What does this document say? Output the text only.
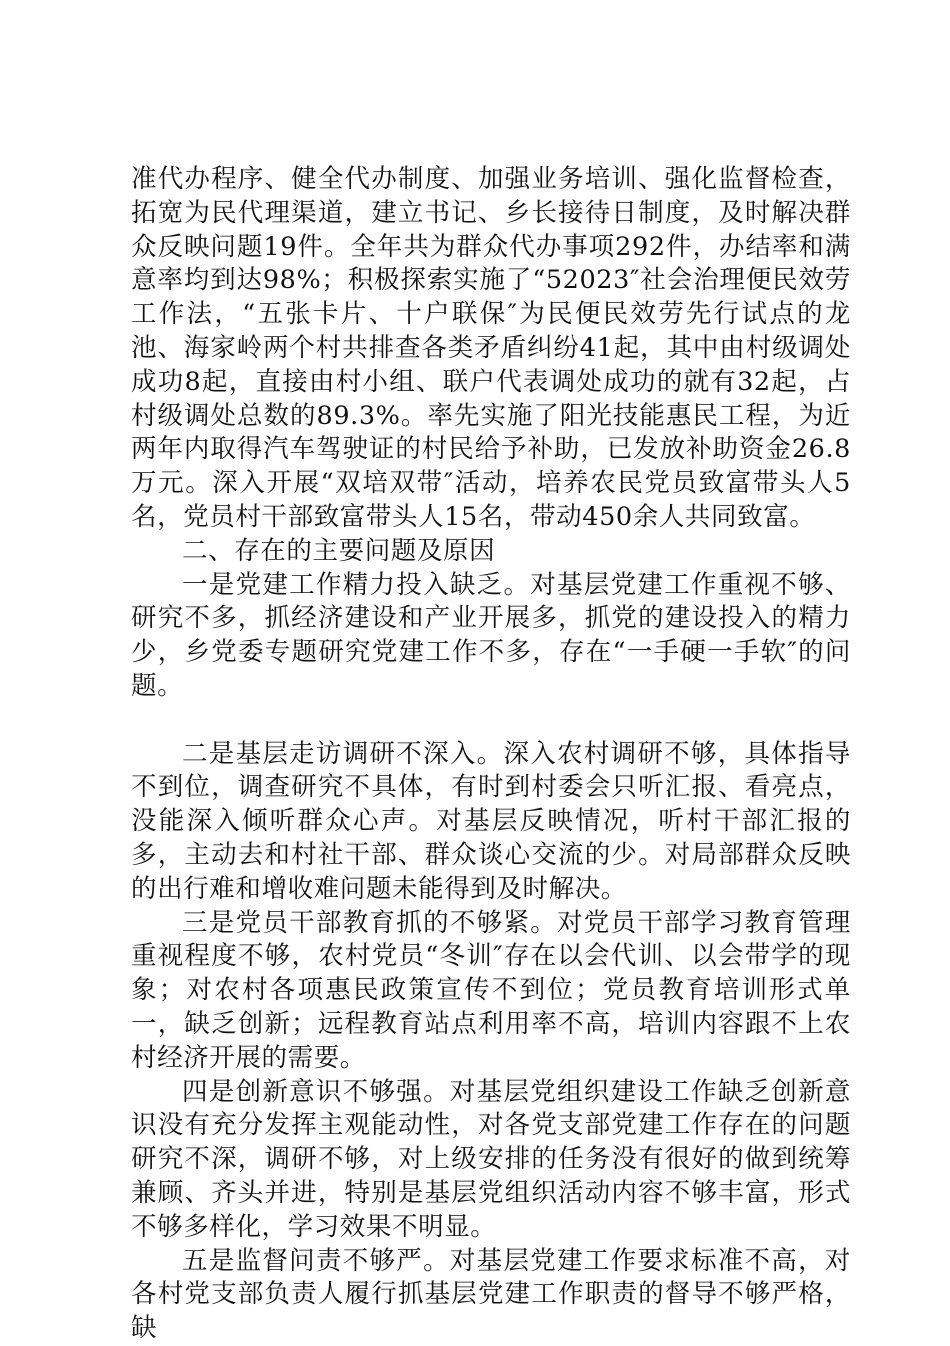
准代办程序、健全代办制度、加强业务培训、强化监督检查，拓宽为民代理渠道，建立书记、乡长接待日制度，及时解决群众反映问题19件。全年共为群众代办事项292件，办结率和满意率均到达98%；积极探索实施了“52023″社会治理便民效劳工作法，“五张卡片、十户联保″为民便民效劳先行试点的龙池、海家岭两个村共排查各类矛盾纠纷41起，其中由村级调处成功8起，直接由村小组、联户代表调处成功的就有32起，占村级调处总数的89.3%。率先实施了阳光技能惠民工程，为近两年内取得汽车驾驶证的村民给予补助，已发放补助资金26.8万元。深入开展“双培双带″活动，培养农民党员致富带头人5名，党员村干部致富带头人15名，带动450余人共同致富。

二、存在的主要问题及原因

一是党建工作精力投入缺乏。对基层党建工作重视不够、研究不多，抓经济建设和产业开展多，抓党的建设投入的精力少，乡党委专题研究党建工作不多，存在“一手硬一手软″的问题。

二是基层走访调研不深入。深入农村调研不够，具体指导不到位，调查研究不具体，有时到村委会只听汇报、看亮点，没能深入倾听群众心声。对基层反映情况，听村干部汇报的多，主动去和村社干部、群众谈心交流的少。对局部群众反映的出行难和增收难问题未能得到及时解决。

三是党员干部教育抓的不够紧。对党员干部学习教育管理重视程度不够，农村党员“冬训″存在以会代训、以会带学的现象；对农村各项惠民政策宣传不到位；党员教育培训形式单一，缺乏创新；远程教育站点利用率不高，培训内容跟不上农村经济开展的需要。

四是创新意识不够强。对基层党组织建设工作缺乏创新意识没有充分发挥主观能动性，对各党支部党建工作存在的问题研究不深，调研不够，对上级安排的任务没有很好的做到统筹兼顾、齐头并进，特别是基层党组织活动内容不够丰富，形式不够多样化，学习效果不明显。

五是监督问责不够严。对基层党建工作要求标准不高，对各村党支部负责人履行抓基层党建工作职责的督导不够严格，缺
